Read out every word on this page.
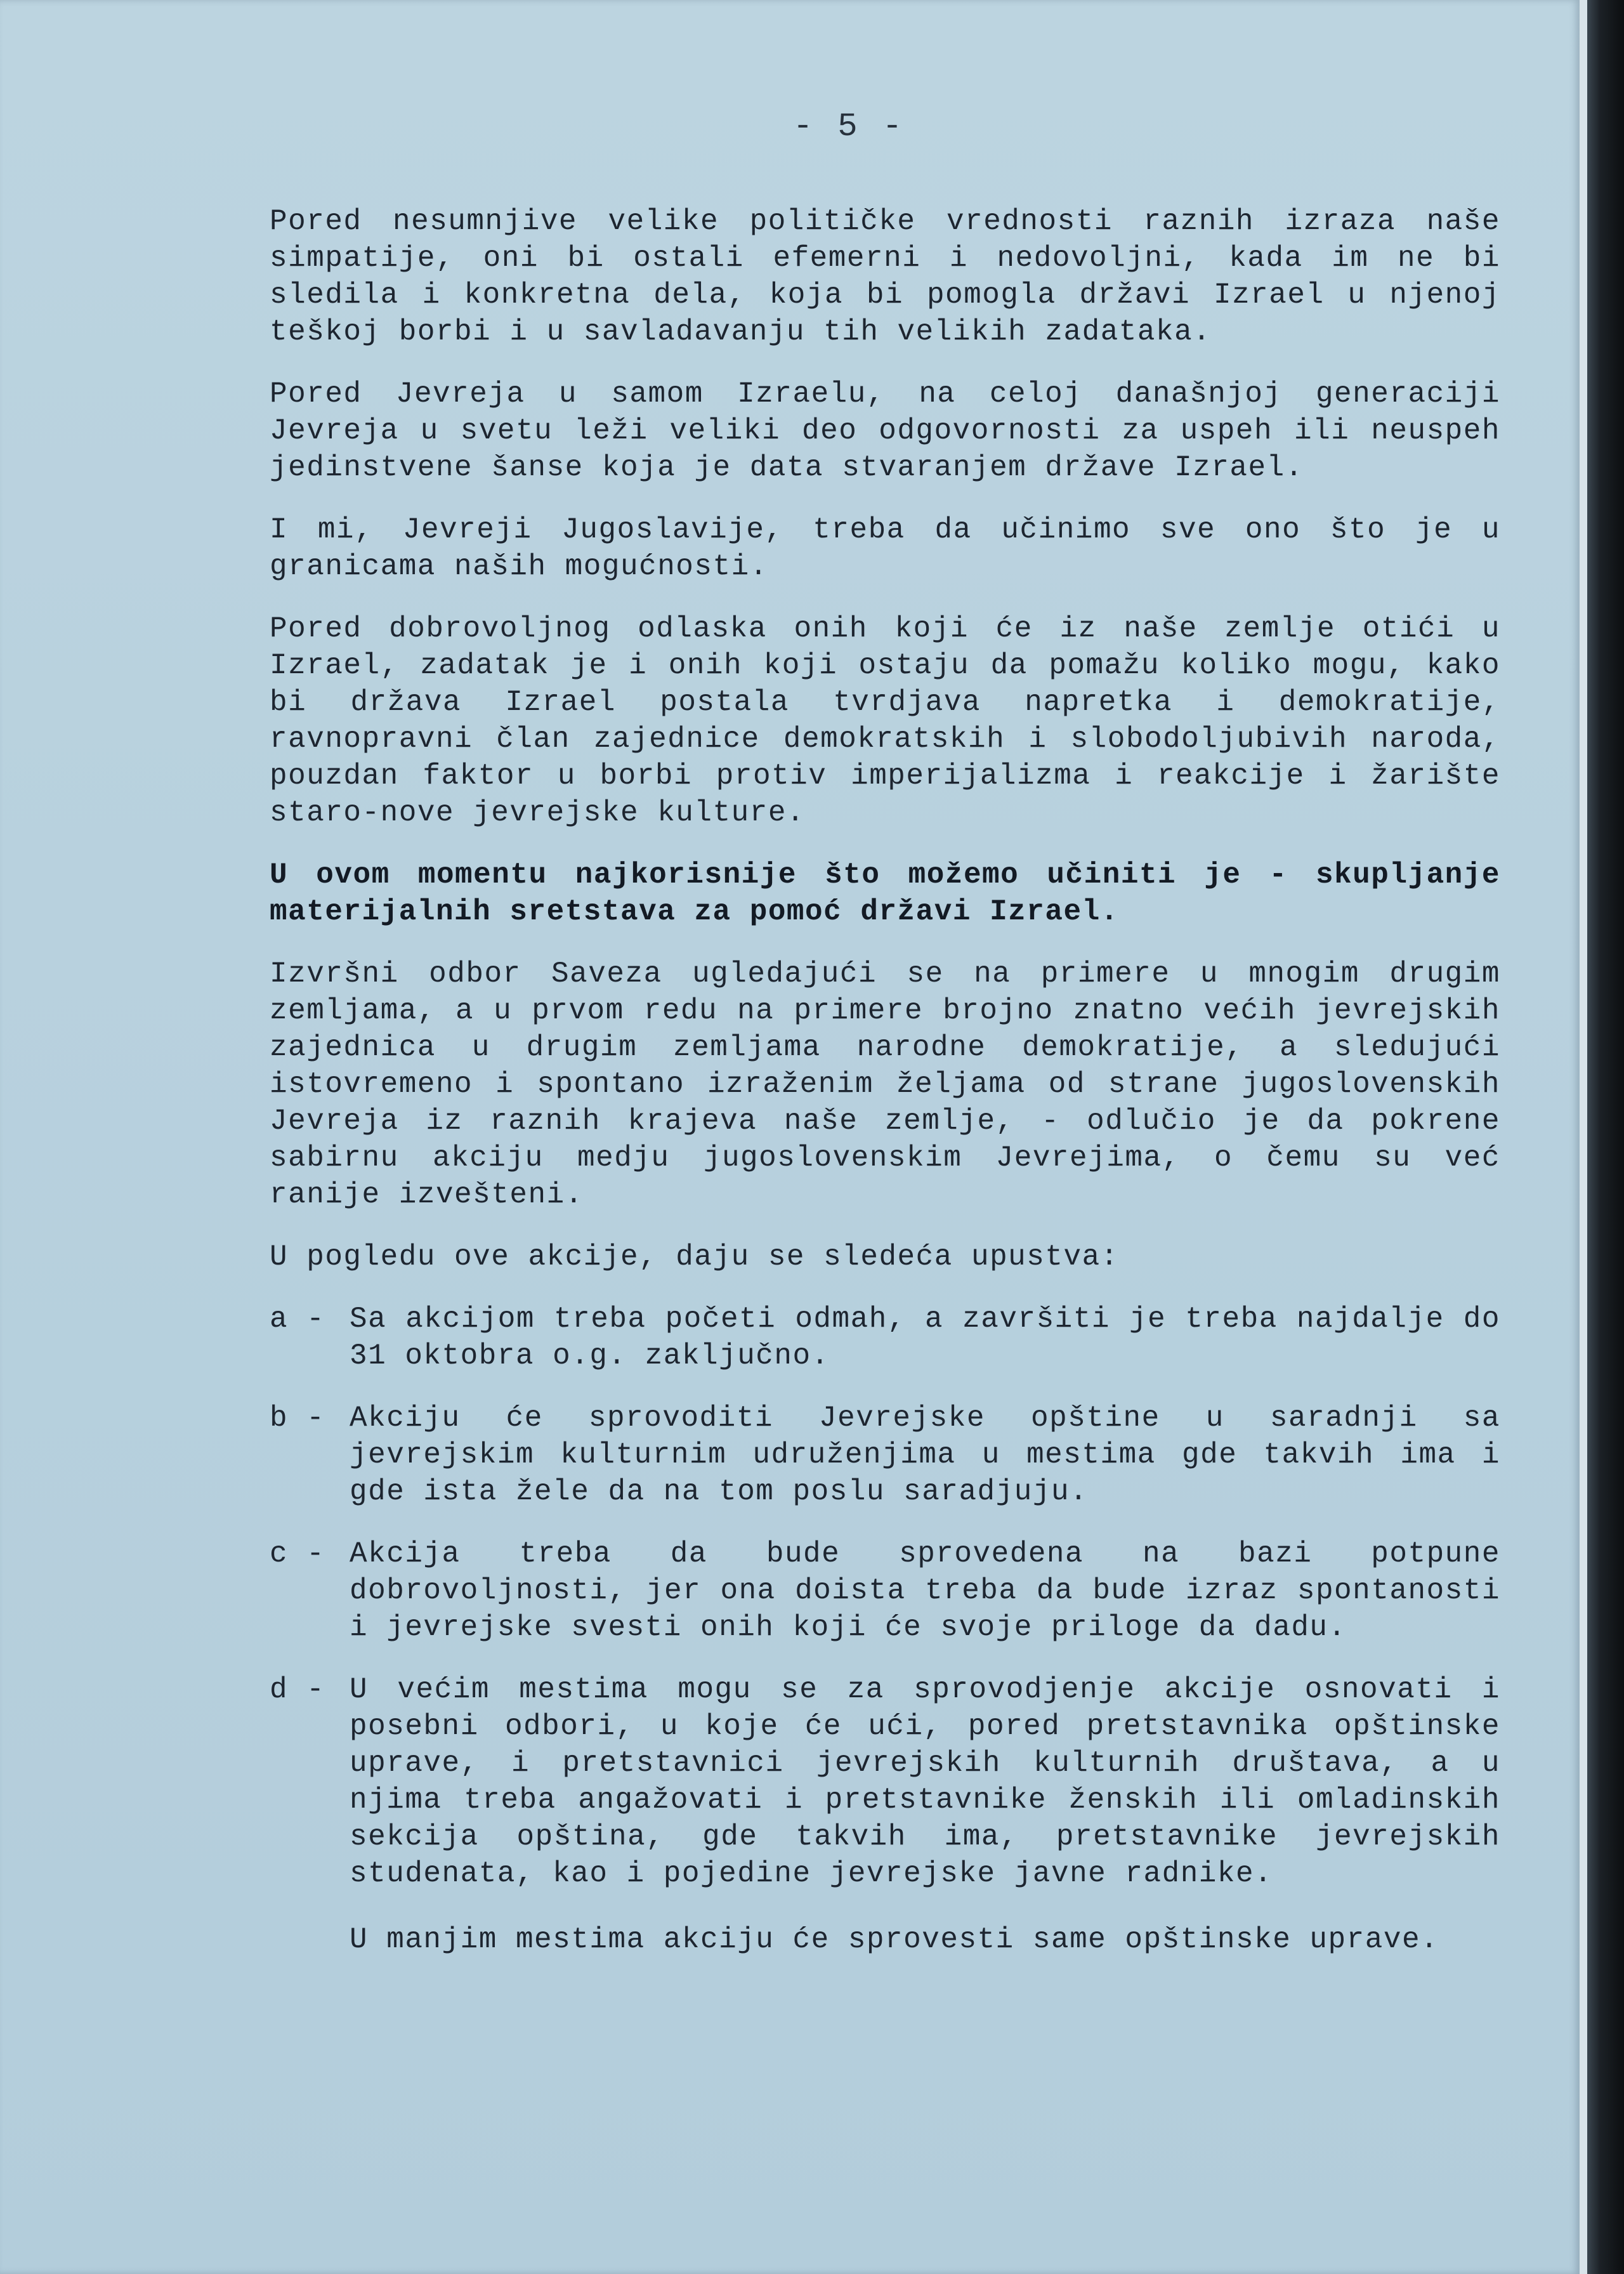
- 5 -

Pored nesumnjive velike političke vrednosti raznih izraza naše simpatije, oni bi ostali efemerni i nedovoljni, kada im ne bi sledila i konkretna dela, koja bi pomogla državi Izrael u njenoj teškoj borbi i u savladavanju tih velikih zadataka.

Pored Jevreja u samom Izraelu, na celoj današnjoj generaciji Jevreja u svetu leži veliki deo odgovornosti za uspeh ili neuspeh jedinstvene šanse koja je data stvaranjem države Izrael.

I mi, Jevreji Jugoslavije, treba da učinimo sve ono što je u granicama naših mogućnosti.

Pored dobrovoljnog odlaska onih koji će iz naše zemlje otići u Izrael, zadatak je i onih koji ostaju da pomažu koliko mogu, kako bi država Izrael postala tvrdjava napretka i demokratije, ravnopravni član zajednice demokratskih i slobodoljubivih naroda, pouzdan faktor u borbi protiv imperijalizma i reakcije i žarište staro-nove jevrejske kulture.

U ovom momentu najkorisnije što možemo učiniti je - skupljanje materijalnih sretstava za pomoć državi Izrael.

Izvršni odbor Saveza ugledajući se na primere u mnogim drugim zemljama, a u prvom redu na primere brojno znatno većih jevrejskih zajednica u drugim zemljama narodne demokratije, a sledujući istovremeno i spontano izraženim željama od strane jugoslovenskih Jevreja iz raznih krajeva naše zemlje, - odlučio je da pokrene sabirnu akciju medju jugoslovenskim Jevrejima, o čemu su već ranije izvešteni.

U pogledu ove akcije, daju se sledeća upustva:

a - Sa akcijom treba početi odmah, a završiti je treba najdalje do 31 oktobra o.g. zaključno.
b - Akciju će sprovoditi Jevrejske opštine u saradnji sa jevrejskim kulturnim udruženjima u mestima gde takvih ima i gde ista žele da na tom poslu saradjuju.
c - Akcija treba da bude sprovedena na bazi potpune dobrovoljnosti, jer ona doista treba da bude izraz spontanosti i jevrejske svesti onih koji će svoje priloge da dadu.
d - U većim mestima mogu se za sprovodjenje akcije osnovati i posebni odbori, u koje će ući, pored pretstavnika opštinske uprave, i pretstavnici jevrejskih kulturnih društava, a u njima treba angažovati i pretstavnike ženskih ili omladinskih sekcija opština, gde takvih ima, pretstavnike jevrejskih studenata, kao i pojedine jevrejske javne radnike.

U manjim mestima akciju će sprovesti same opštinske uprave.
